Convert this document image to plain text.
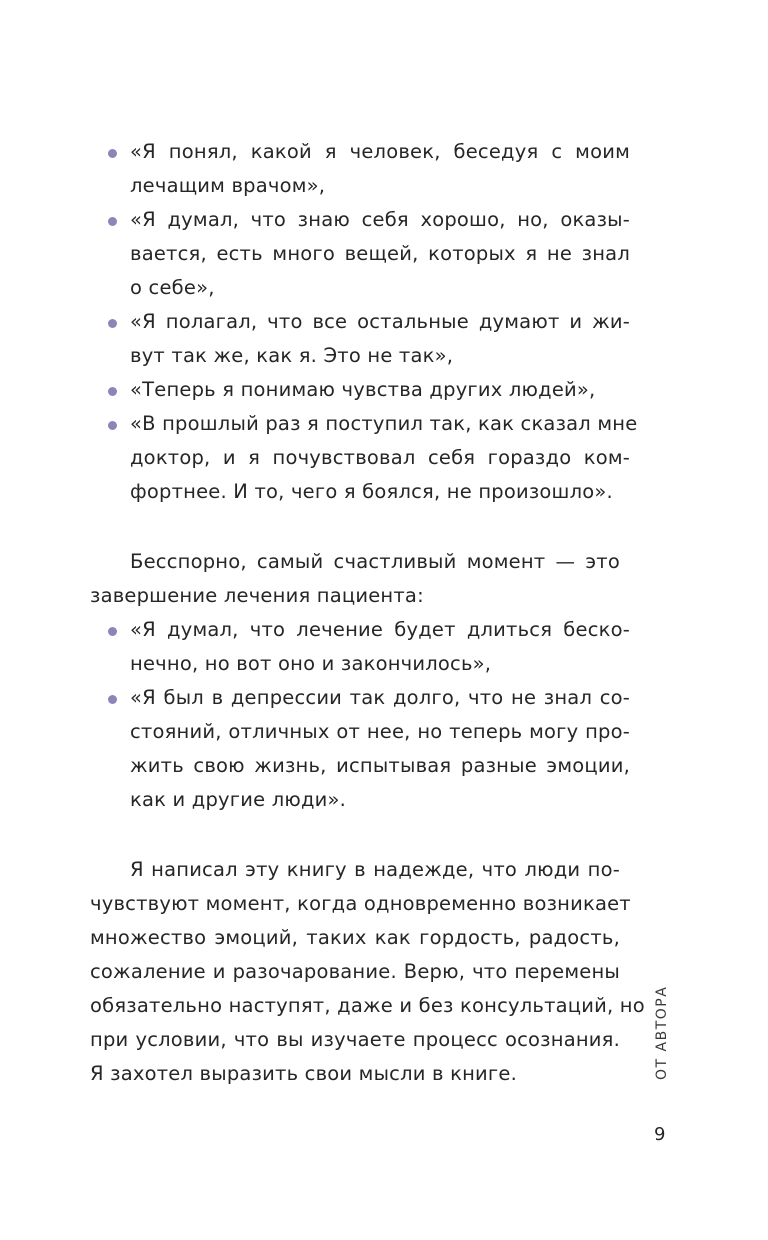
«Я понял, какой я человек, беседуя с моим
лечащим врачом»,
«Я думал, что знаю себя хорошо, но, оказы-
вается, есть много вещей, которых я не знал
о себе»,
«Я полагал, что все остальные думают и жи-
вут так же, как я. Это не так»,
«Теперь я понимаю чувства других людей»,
«В прошлый раз я поступил так, как сказал мне
доктор, и я почувствовал себя гораздо ком-
фортнее. И то, чего я боялся, не произошло».
Бесспорно, самый счастливый момент — это
завершение лечения пациента:
«Я думал, что лечение будет длиться беско-
нечно, но вот оно и закончилось»,
«Я был в депрессии так долго, что не знал со-
стояний, отличных от нее, но теперь могу про-
жить свою жизнь, испытывая разные эмоции,
как и другие люди».
Я написал эту книгу в надежде, что люди по-
чувствуют момент, когда одновременно возникает
множество эмоций, таких как гордость, радость,
сожаление и разочарование. Верю, что перемены
обязательно наступят, даже и без консультаций, но
при условии, что вы изучаете процесс осознания.
Я захотел выразить свои мысли в книге.	ОТ АВТОРА
9
